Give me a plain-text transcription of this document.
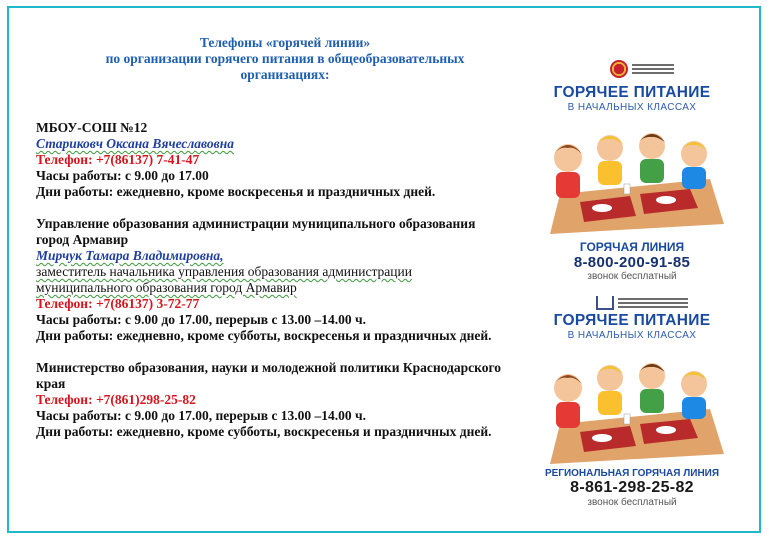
Телефоны «горячей линии»
по организации горячего питания в общеобразовательных
организациях:
МБОУ-СОШ №12
Стариковч Оксана Вячеславовна
Телефон: +7(86137) 7-41-47
Часы работы: с 9.00 до 17.00
Дни работы: ежедневно, кроме воскресенья и праздничных дней.
Управление образования администрации муниципального образования
город Армавир
Мирчук Тамара Владимировна,
заместитель начальника управления образования администрации
муниципального образования город Армавир
Телефон: +7(86137) 3-72-77
Часы работы: с 9.00 до 17.00, перерыв с 13.00 –14.00 ч.
Дни работы: ежедневно, кроме субботы, воскресенья и праздничных дней.
Министерство образования, науки и молодежной политики Краснодарского
края
Телефон: +7(861)298-25-82
Часы работы: с 9.00 до 17.00, перерыв с 13.00 –14.00 ч.
Дни работы: ежедневно, кроме субботы, воскресенья и праздничных дней.
ГОРЯЧЕЕ ПИТАНИЕ
В НАЧАЛЬНЫХ КЛАССАХ
ГОРЯЧАЯ ЛИНИЯ
8-800-200-91-85
звонок бесплатный
ГОРЯЧЕЕ ПИТАНИЕ
В НАЧАЛЬНЫХ КЛАССАХ
РЕГИОНАЛЬНАЯ ГОРЯЧАЯ ЛИНИЯ
8-861-298-25-82
звонок бесплатный
